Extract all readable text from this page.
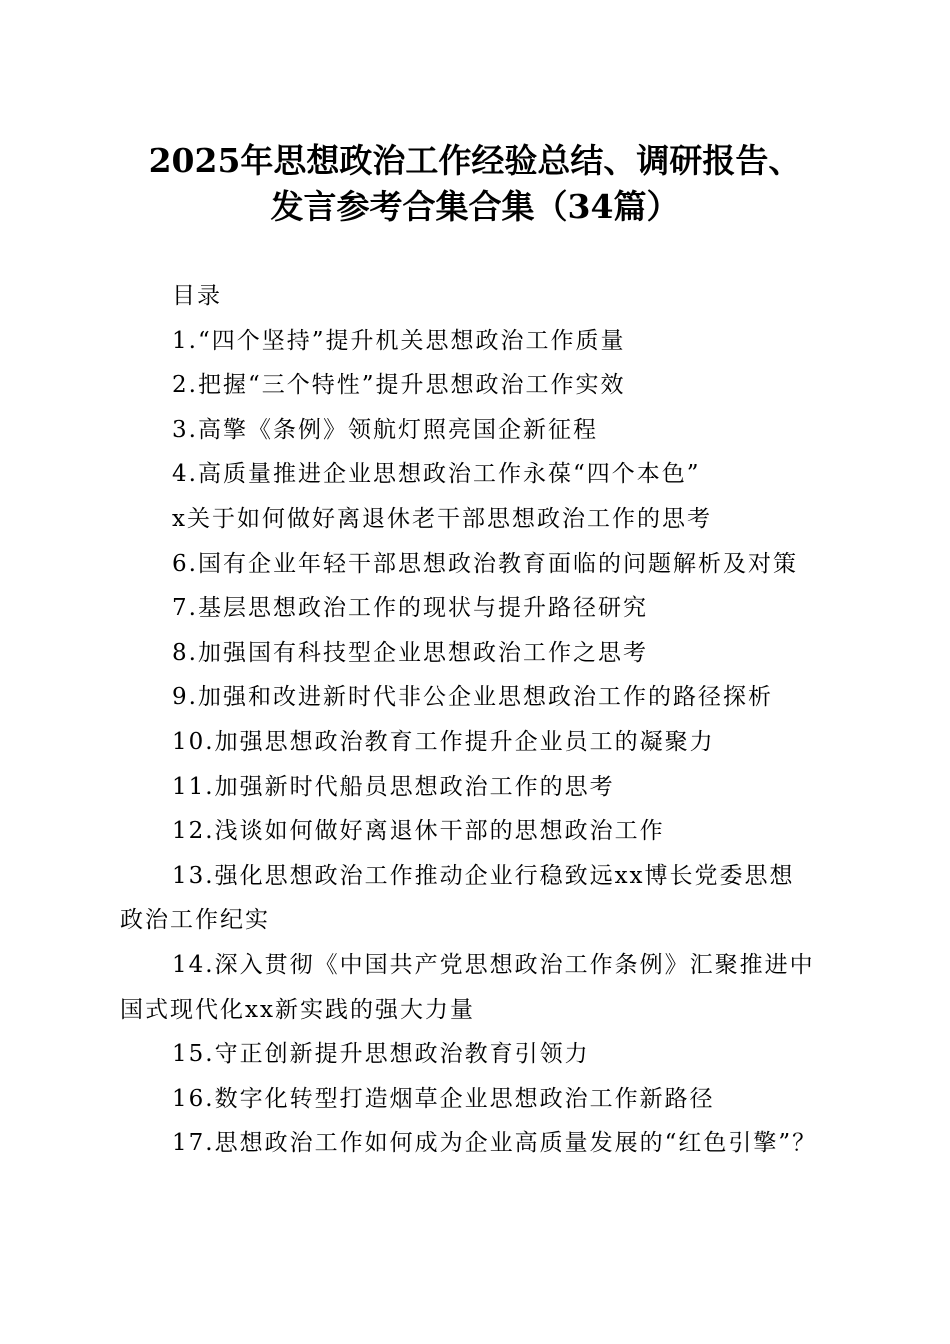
2025年思想政治工作经验总结、调研报告、
发言参考合集合集（34篇）
目录
1.“四个坚持”提升机关思想政治工作质量
2.把握“三个特性”提升思想政治工作实效
3.高擎《条例》领航灯照亮国企新征程
4.高质量推进企业思想政治工作永葆“四个本色”
x关于如何做好离退休老干部思想政治工作的思考
6.国有企业年轻干部思想政治教育面临的问题解析及对策
7.基层思想政治工作的现状与提升路径研究
8.加强国有科技型企业思想政治工作之思考
9.加强和改进新时代非公企业思想政治工作的路径探析
10.加强思想政治教育工作提升企业员工的凝聚力
11.加强新时代船员思想政治工作的思考
12.浅谈如何做好离退休干部的思想政治工作
13.强化思想政治工作推动企业行稳致远xx博长党委思想
政治工作纪实
14.深入贯彻《中国共产党思想政治工作条例》汇聚推进中
国式现代化xx新实践的强大力量
15.守正创新提升思想政治教育引领力
16.数字化转型打造烟草企业思想政治工作新路径
17.思想政治工作如何成为企业高质量发展的“红色引擎”？
